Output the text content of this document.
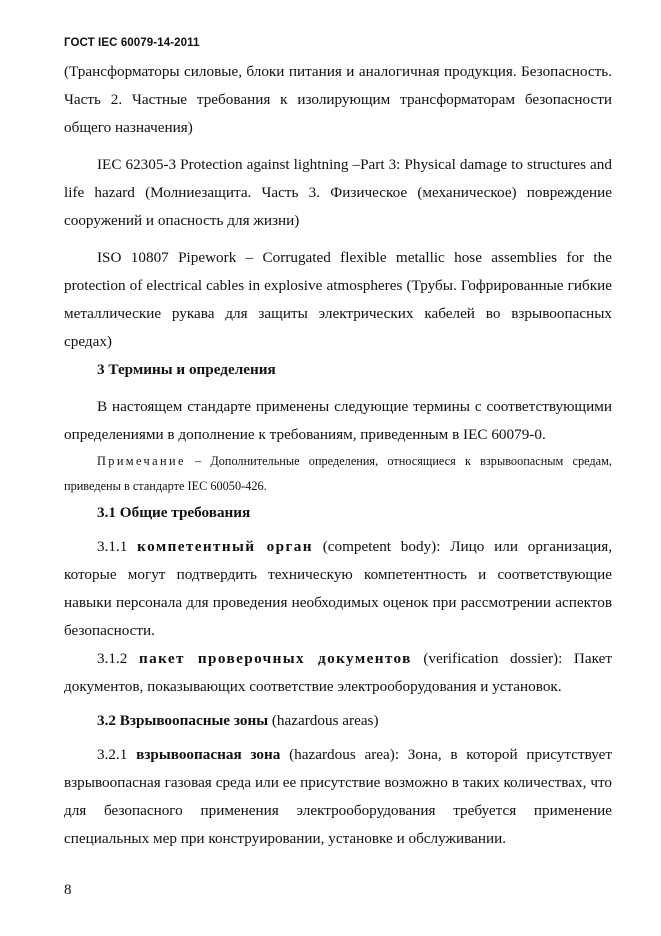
ГОСТ IEC 60079-14-2011

(Трансформаторы силовые, блоки питания и аналогичная продукция. Безопасность. Часть 2. Частные требования к изолирующим трансформаторам безопасности общего назначения)

IEC 62305-3 Protection against lightning –Part 3: Physical damage to structures and life hazard (Молниезащита. Часть 3. Физическое (механическое) повреждение сооружений и опасность для жизни)

ISO 10807 Pipework – Corrugated flexible metallic hose assemblies for the protection of electrical cables in explosive atmospheres (Трубы. Гофрированные гибкие металлические рукава для защиты электрических кабелей во взрывоопасных средах)

3 Термины и определения

В настоящем стандарте применены следующие термины с соответствующими определениями в дополнение к требованиям, приведенным в IEC 60079-0.

Примечание – Дополнительные определения, относящиеся к взрывоопасным средам, приведены в стандарте IEC 60050-426.

3.1 Общие требования

3.1.1 компетентный орган (competent body): Лицо или организация, которые могут подтвердить техническую компетентность и соответствующие навыки персонала для проведения необходимых оценок при рассмотрении аспектов безопасности.

3.1.2 пакет проверочных документов (verification dossier): Пакет документов, показывающих соответствие электрооборудования и установок.

3.2 Взрывоопасные зоны (hazardous areas)

3.2.1 взрывоопасная зона (hazardous area): Зона, в которой присутствует взрывоопасная газовая среда или ее присутствие возможно в таких количествах, что для безопасного применения электрооборудования требуется применение специальных мер при конструировании, установке и обслуживании.

8
